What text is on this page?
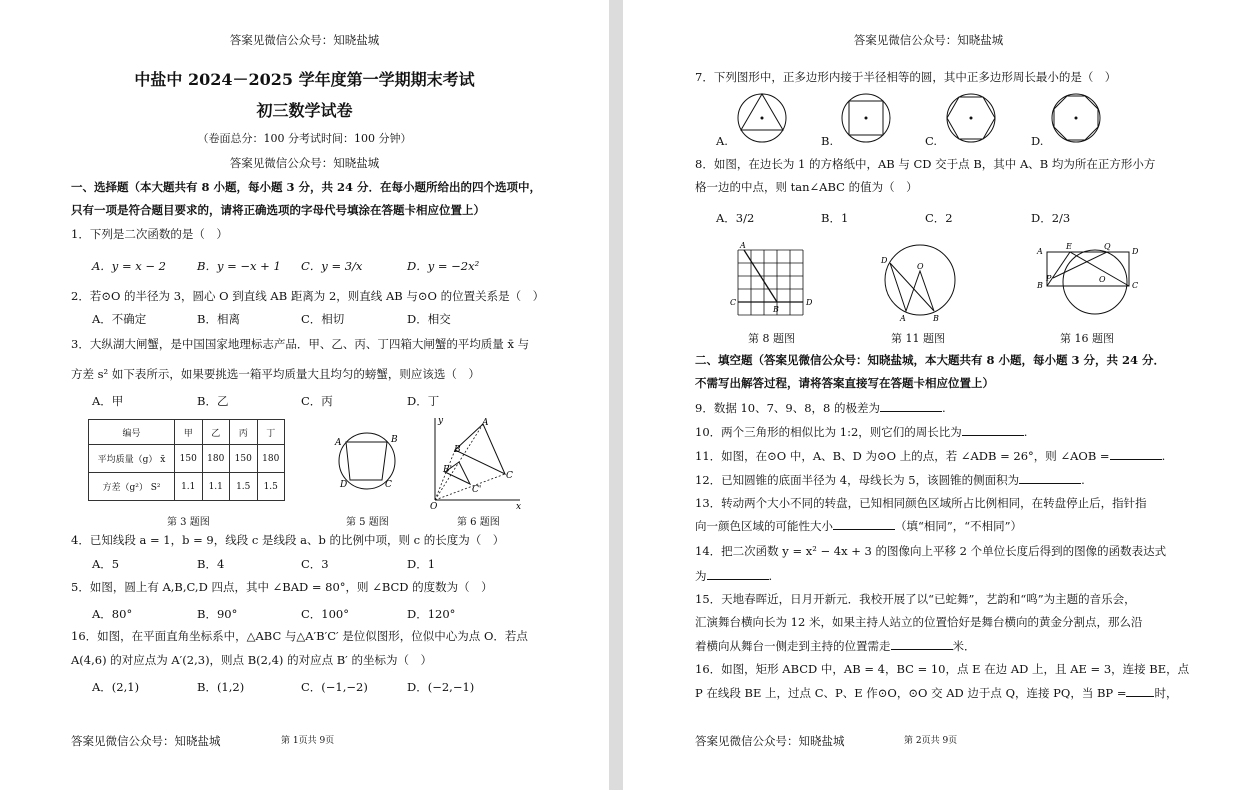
答案见微信公众号：知晓盐城
中盐中 2024－2025 学年度第一学期期末考试
初三数学试卷
（卷面总分：100 分考试时间：100 分钟）
答案见微信公众号：知晓盐城
一、选择题（本大题共有 8 小题，每小题 3 分，共 24 分．在每小题所给出的四个选项中，
只有一项是符合题目要求的，请将正确选项的字母代号填涂在答题卡相应位置上）
1．下列是二次函数的是（　）
A．y = x − 2	B．y = −x + 1 C．y = 3/x	D．y = −2x²
2．若⊙O 的半径为 3，圆心 O 到直线 AB 距离为 2，则直线 AB 与⊙O 的位置关系是（　）
A．不确定	B．相离	C．相切	D．相交
3．大纵湖大闸蟹，是中国国家地理标志产品．甲、乙、丙、丁四箱大闸蟹的平均质量 x̄ 与
方差 s² 如下表所示，如果要挑选一箱平均质量大且均匀的螃蟹，则应该选（　）
A．甲	B．乙	C．丙	D．丁
编号	甲	乙	丙	丁
平均质量（g） x̄	150	180	150	180
方差（g²） S²	1.1	1.1	1.5	1.5
A	B
C
D
A
B
C
B'
C'
O	x
y
第 3 题图	第 5 题图	第 6 题图
4．已知线段 a = 1，b = 9，线段 c 是线段 a、b 的比例中项，则 c 的长度为（　）
A．5	B．4	C．3	D．1
5．如图，圆上有 A,B,C,D 四点，其中 ∠BAD = 80°，则 ∠BCD 的度数为（　）
A．80°	B．90°	C．100°	D．120°
16．如图，在平面直角坐标系中，△ABC 与△A′B′C′ 是位似图形，位似中心为点 O．若点
A(4,6) 的对应点为 A′(2,3)，则点 B(2,4) 的对应点 B′ 的坐标为（　）
A．(2,1)	B．(1,2)	C．(−1,−2)	D．(−2,−1)
答案见微信公众号：知晓盐城	第 1页共 9页
答案见微信公众号：知晓盐城
7．下列图形中，正多边形内接于半径相等的圆，其中正多边形周长最小的是（　）
A.	B.	C.	D.
8．如图，在边长为 1 的方格纸中，AB 与 CD 交于点 B，其中 A、B 均为所在正方形小方
格一边的中点，则 tan∠ABC 的值为（　）
A．3/2	B．1	C．2	D．2/3
A
B
C	D
D
O
A	B
A
E	Q
D
B	C
P	O
第 8 题图	第 11 题图	第 16 题图
二、填空题（答案见微信公众号：知晓盐城，本大题共有 8 小题，每小题 3 分，共 24 分．
不需写出解答过程，请将答案直接写在答题卡相应位置上）
9．数据 10、7、9、8，8 的极差为	.
10．两个三角形的相似比为 1:2，则它们的周长比为	.
11．如图，在⊙O 中，A、B、D 为⊙O 上的点，若 ∠ADB = 26°，则 ∠AOB =	.
12．已知圆锥的底面半径为 4，母线长为 5，该圆锥的侧面积为	.
13．转动两个大小不同的转盘，已知相同颜色区域所占比例相同，在转盘停止后，指针指
向一颜色区域的可能性大小	（填“相同”，“不相同”）
14．把二次函数 y = x² − 4x + 3 的图像向上平移 2 个单位长度后得到的图像的函数表达式
为	.
15．天地春晖近，日月开新元．我校开展了以“已蛇舞”，艺韵和“鸣”为主题的音乐会，
汇演舞台横向长为 12 米，如果主持人站立的位置恰好是舞台横向的黄金分割点，那么沿
着横向从舞台一侧走到主持的位置需走	米．
16．如图，矩形 ABCD 中，AB = 4，BC = 10，点 E 在边 AD 上，且 AE = 3，连接 BE，点
P 在线段 BE 上，过点 C、P、E 作⊙O，⊙O 交 AD 边于点 Q，连接 PQ，当 BP = 时，
答案见微信公众号：知晓盐城	第 2页共 9页
